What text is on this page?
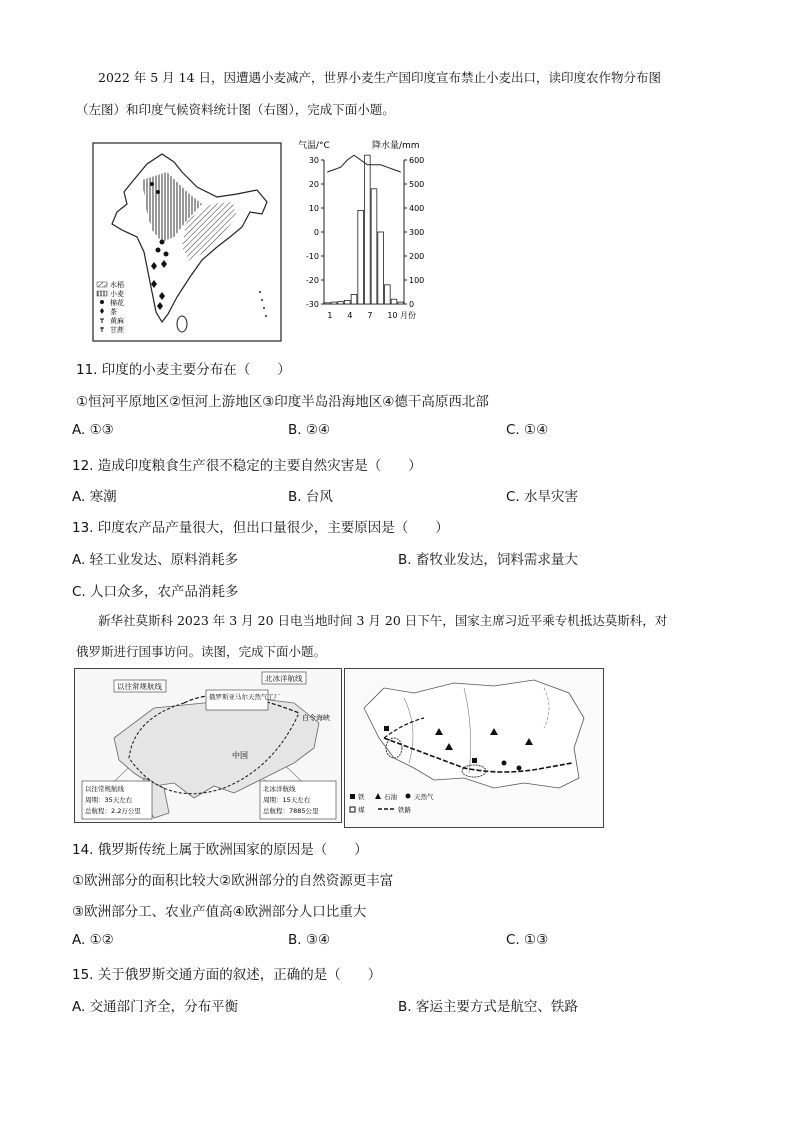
2022 年 5 月 14 日，因遭遇小麦减产，世界小麦生产国印度宣布禁止小麦出口，读印度农作物分布图
（左图）和印度气候资料统计图（右图），完成下面小题。
水稻
小麦
棉花
茶
黄麻
甘蔗
气温/°C	降水量/mm
30
20
10
0
-10
-20
-30
600
500
400
300
200
100
0
1 4 7 10 月份
11. 印度的小麦主要分布在（　　）
①恒河平原地区②恒河上游地区③印度半岛沿海地区④德干高原西北部
A. ①③	B. ②④	C. ①④
12. 造成印度粮食生产很不稳定的主要自然灾害是（　　）
A. 寒潮	B. 台风	C. 水旱灾害
13. 印度农产品产量很大，但出口量很少，主要原因是（　　）
A. 轻工业发达、原料消耗多	B. 畜牧业发达，饲料需求量大
C. 人口众多，农产品消耗多
新华社莫斯科 2023 年 3 月 20 日电当地时间 3 月 20 日下午，国家主席习近平乘专机抵达莫斯科，对
俄罗斯进行国事访问。读图，完成下面小题。
以往常规航线
北冰洋航线
俄罗斯亚马尔天然气工厂
白令海峡
中国
以往常规航线
周期：35天左右
总航程：2.2万公里
北冰洋航线
周期：15天左右
总航程：7885公里
铁	石油	天然气
煤	铁路
14. 俄罗斯传统上属于欧洲国家的原因是（　　）
①欧洲部分的面积比较大②欧洲部分的自然资源更丰富
③欧洲部分工、农业产值高④欧洲部分人口比重大
A. ①②	B. ③④	C. ①③
15. 关于俄罗斯交通方面的叙述，正确的是（　　）
A. 交通部门齐全，分布平衡	B. 客运主要方式是航空、铁路
